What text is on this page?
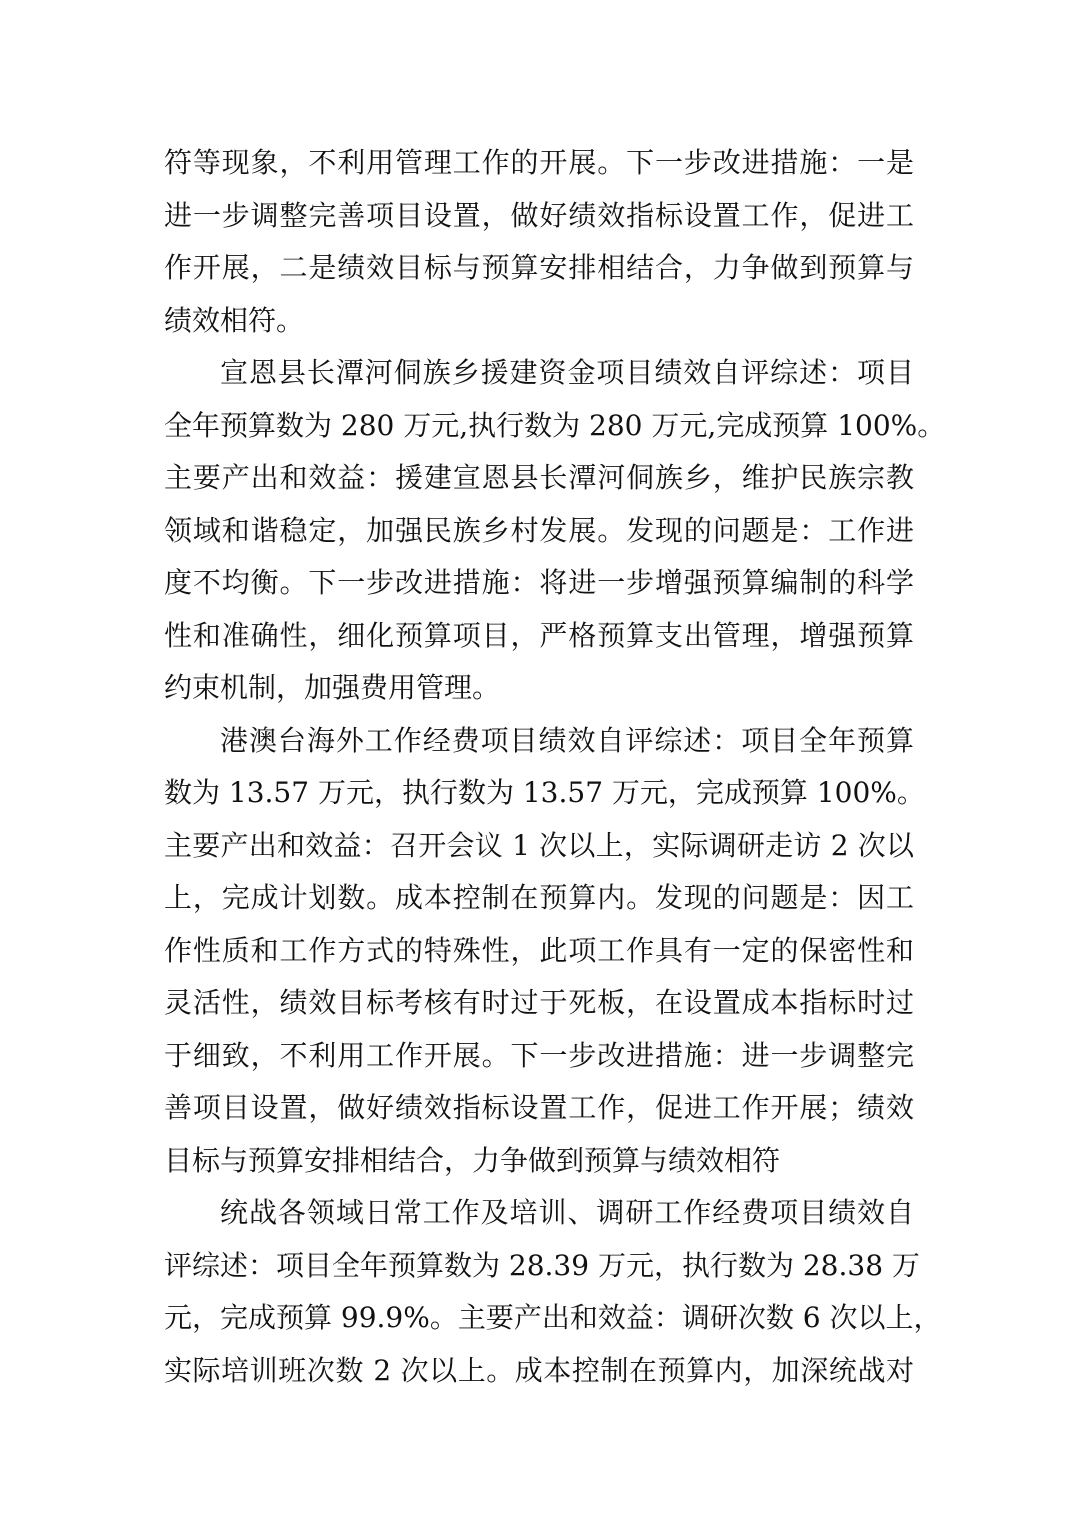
符等现象，不利用管理工作的开展。下一步改进措施：一是
进一步调整完善项目设置，做好绩效指标设置工作，促进工
作开展，二是绩效目标与预算安排相结合，力争做到预算与
绩效相符。
宣恩县长潭河侗族乡援建资金项目绩效自评综述：项目
全年预算数为 280 万元,执行数为 280 万元,完成预算 100%。
主要产出和效益：援建宣恩县长潭河侗族乡，维护民族宗教
领域和谐稳定，加强民族乡村发展。发现的问题是：工作进
度不均衡。下一步改进措施：将进一步增强预算编制的科学
性和准确性，细化预算项目，严格预算支出管理，增强预算
约束机制，加强费用管理。
港澳台海外工作经费项目绩效自评综述：项目全年预算
数为 13.57 万元，执行数为 13.57 万元，完成预算 100%。
主要产出和效益：召开会议 1 次以上，实际调研走访 2 次以
上，完成计划数。成本控制在预算内。发现的问题是：因工
作性质和工作方式的特殊性，此项工作具有一定的保密性和
灵活性，绩效目标考核有时过于死板，在设置成本指标时过
于细致，不利用工作开展。下一步改进措施：进一步调整完
善项目设置，做好绩效指标设置工作，促进工作开展；绩效
目标与预算安排相结合，力争做到预算与绩效相符
统战各领域日常工作及培训、调研工作经费项目绩效自
评综述：项目全年预算数为 28.39 万元，执行数为 28.38 万
元，完成预算 99.9%。主要产出和效益：调研次数 6 次以上，
实际培训班次数 2 次以上。成本控制在预算内，加深统战对
